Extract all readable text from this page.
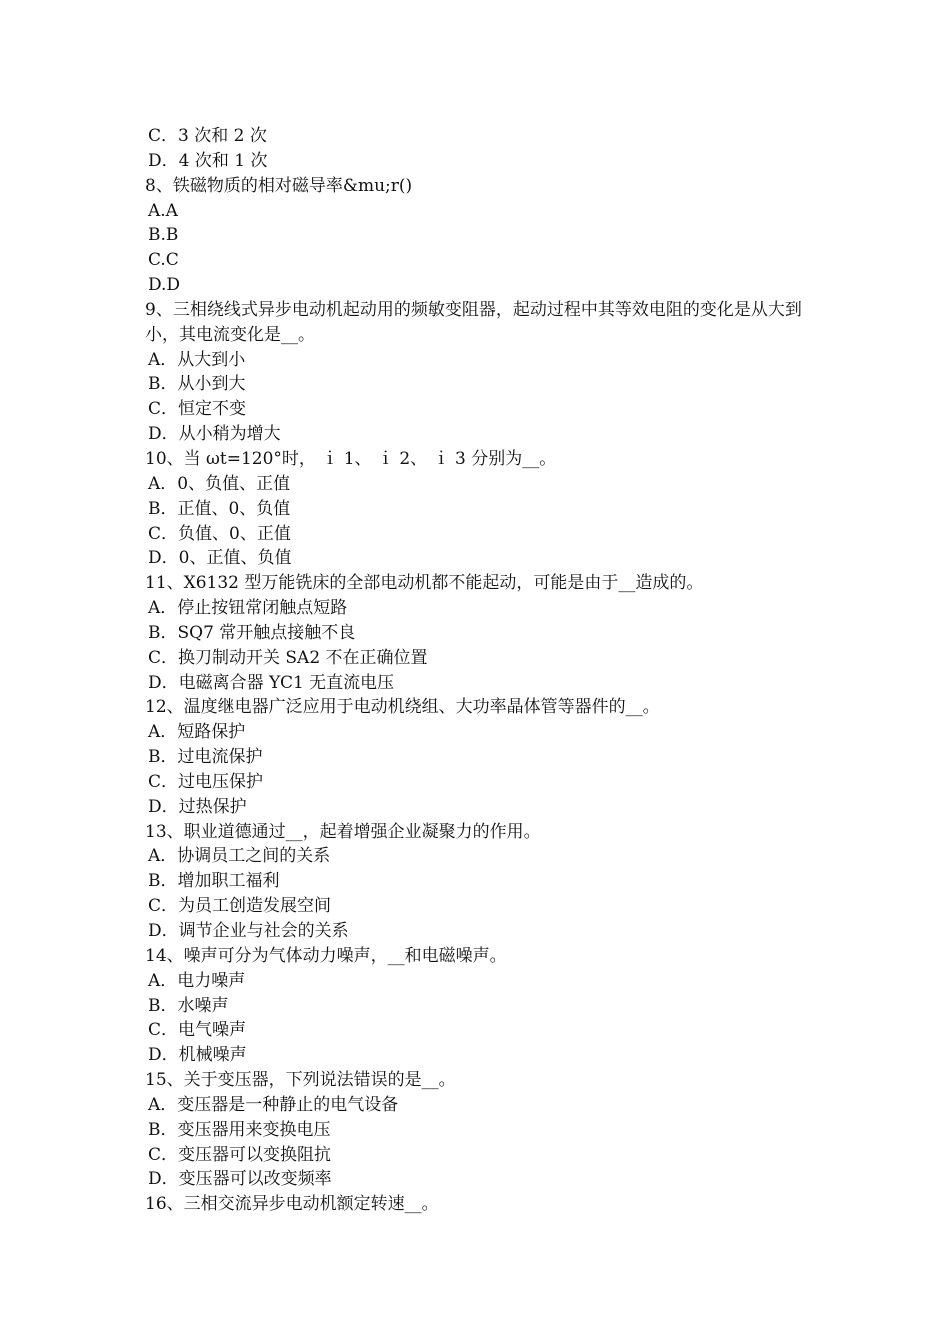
C．3 次和 2 次
D．4 次和 1 次
8、铁磁物质的相对磁导率&mu;r()
A.A
B.B
C.C
D.D
9、三相绕线式异步电动机起动用的频敏变阻器，起动过程中其等效电阻的变化是从大到小，其电流变化是__。
A．从大到小
B．从小到大
C．恒定不变
D．从小稍为增大
10、当 ωt=120°时， ｉ 1、 ｉ 2、 ｉ 3 分别为__。
A．0、负值、正值
B．正值、0、负值
C．负值、0、正值
D．0、正值、负值
11、X6132 型万能铣床的全部电动机都不能起动，可能是由于__造成的。
A．停止按钮常闭触点短路
B．SQ7 常开触点接触不良
C．换刀制动开关 SA2 不在正确位置
D．电磁离合器 YC1 无直流电压
12、温度继电器广泛应用于电动机绕组、大功率晶体管等器件的__。
A．短路保护
B．过电流保护
C．过电压保护
D．过热保护
13、职业道德通过__，起着增强企业凝聚力的作用。
A．协调员工之间的关系
B．增加职工福利
C．为员工创造发展空间
D．调节企业与社会的关系
14、噪声可分为气体动力噪声，__和电磁噪声。
A．电力噪声
B．水噪声
C．电气噪声
D．机械噪声
15、关于变压器，下列说法错误的是__。
A．变压器是一种静止的电气设备
B．变压器用来变换电压
C．变压器可以变换阻抗
D．变压器可以改变频率
16、三相交流异步电动机额定转速__。
